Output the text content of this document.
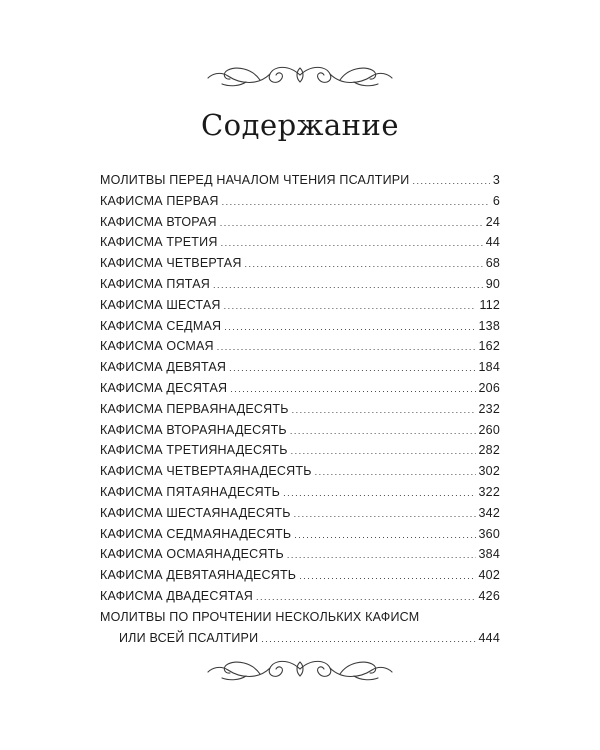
Содержание
МОЛИТВЫ ПЕРЕД НАЧАЛОМ ЧТЕНИЯ ПСАЛТИРИ .....	3
КАФИСМА ПЕРВАЯ .....	6
КАФИСМА ВТОРАЯ .....	24
КАФИСМА ТРЕТИЯ .....	44
КАФИСМА ЧЕТВЕРТАЯ .....	68
КАФИСМА ПЯТАЯ .....	90
КАФИСМА ШЕСТАЯ .....	112
КАФИСМА СЕДМАЯ .....	138
КАФИСМА ОСМАЯ .....	162
КАФИСМА ДЕВЯТАЯ .....	184
КАФИСМА ДЕСЯТАЯ .....	206
КАФИСМА ПЕРВАЯНАДЕСЯТЬ .....	232
КАФИСМА ВТОРАЯНАДЕСЯТЬ .....	260
КАФИСМА ТРЕТИЯНАДЕСЯТЬ .....	282
КАФИСМА ЧЕТВЕРТАЯНАДЕСЯТЬ .....	302
КАФИСМА ПЯТАЯНАДЕСЯТЬ .....	322
КАФИСМА ШЕСТАЯНАДЕСЯТЬ .....	342
КАФИСМА СЕДМАЯНАДЕСЯТЬ .....	360
КАФИСМА ОСМАЯНАДЕСЯТЬ .....	384
КАФИСМА ДЕВЯТАЯНАДЕСЯТЬ .....	402
КАФИСМА ДВАДЕСЯТАЯ .....	426
МОЛИТВЫ ПО ПРОЧТЕНИИ НЕСКОЛЬКИХ КАФИСМ
ИЛИ ВСЕЙ ПСАЛТИРИ .....	444
